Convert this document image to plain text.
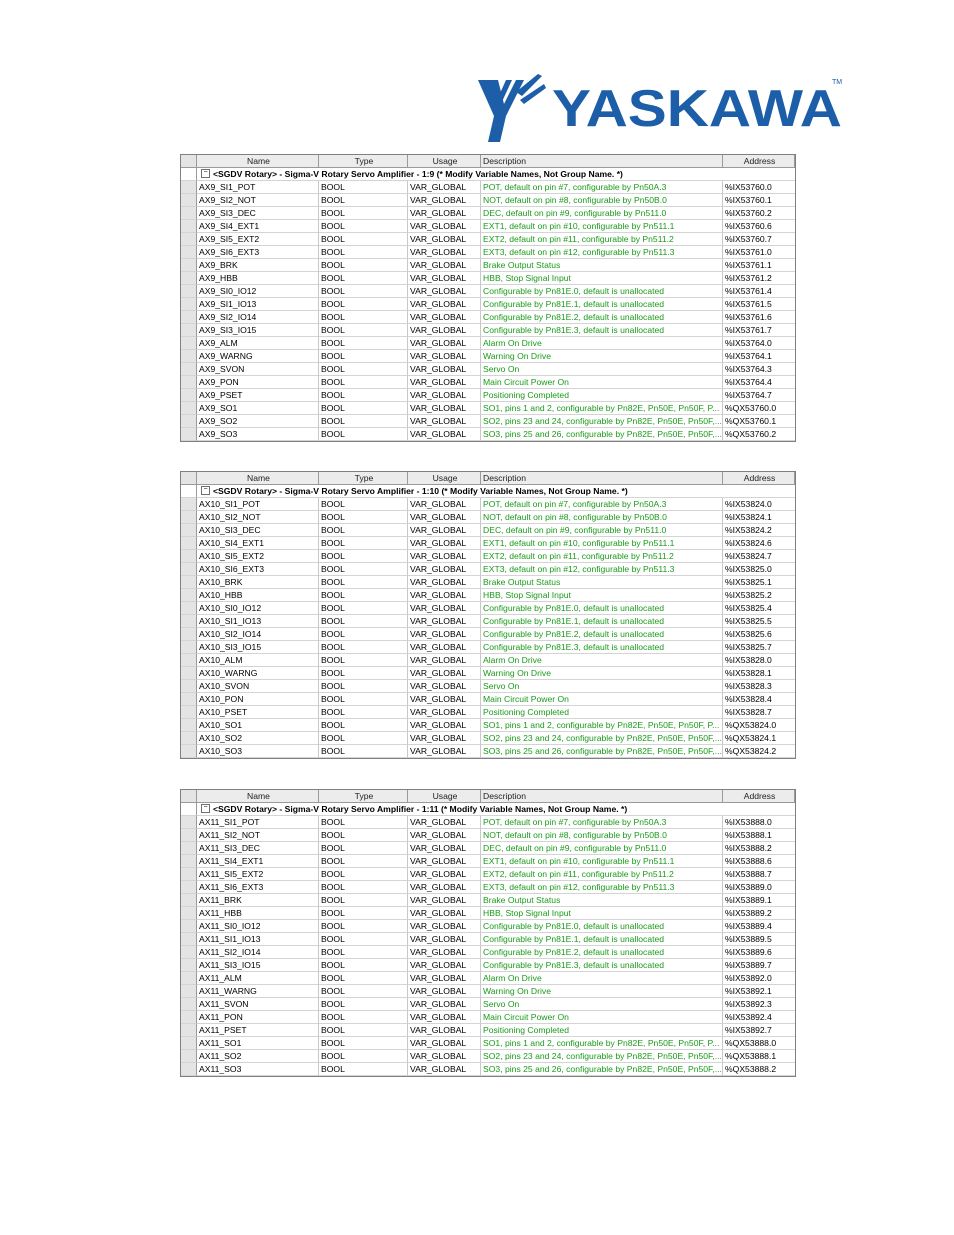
YASKAWA
TM
Name	Type	Usage	Description	Address
− <SGDV Rotary> - Sigma-V Rotary Servo Amplifier - 1:9 (* Modify Variable Names, Not Group Name. *)
AX9_SI1_POT	BOOL	VAR_GLOBAL	POT, default on pin #7, configurable by Pn50A.3	%IX53760.0
AX9_SI2_NOT	BOOL	VAR_GLOBAL	NOT, default on pin #8, configurable by Pn50B.0	%IX53760.1
AX9_SI3_DEC	BOOL	VAR_GLOBAL	DEC, default on pin #9, configurable by Pn511.0	%IX53760.2
AX9_SI4_EXT1	BOOL	VAR_GLOBAL	EXT1, default on pin #10, configurable by Pn511.1	%IX53760.6
AX9_SI5_EXT2	BOOL	VAR_GLOBAL	EXT2, default on pin #11, configurable by Pn511.2	%IX53760.7
AX9_SI6_EXT3	BOOL	VAR_GLOBAL	EXT3, default on pin #12, configurable by Pn511.3	%IX53761.0
AX9_BRK	BOOL	VAR_GLOBAL	Brake Output Status	%IX53761.1
AX9_HBB	BOOL	VAR_GLOBAL	HBB, Stop Signal Input	%IX53761.2
AX9_SI0_IO12	BOOL	VAR_GLOBAL	Configurable by Pn81E.0, default is unallocated	%IX53761.4
AX9_SI1_IO13	BOOL	VAR_GLOBAL	Configurable by Pn81E.1, default is unallocated	%IX53761.5
AX9_SI2_IO14	BOOL	VAR_GLOBAL	Configurable by Pn81E.2, default is unallocated	%IX53761.6
AX9_SI3_IO15	BOOL	VAR_GLOBAL	Configurable by Pn81E.3, default is unallocated	%IX53761.7
AX9_ALM	BOOL	VAR_GLOBAL	Alarm On Drive	%IX53764.0
AX9_WARNG	BOOL	VAR_GLOBAL	Warning On Drive	%IX53764.1
AX9_SVON	BOOL	VAR_GLOBAL	Servo On	%IX53764.3
AX9_PON	BOOL	VAR_GLOBAL	Main Circuit Power On	%IX53764.4
AX9_PSET	BOOL	VAR_GLOBAL	Positioning Completed	%IX53764.7
AX9_SO1	BOOL	VAR_GLOBAL	SO1, pins 1 and 2, configurable by Pn82E, Pn50E, Pn50F, P... %QX53760.0
AX9_SO2	BOOL	VAR_GLOBAL	SO2, pins 23 and 24, configurable by Pn82E, Pn50E, Pn50F,... %QX53760.1
AX9_SO3	BOOL	VAR_GLOBAL	SO3, pins 25 and 26, configurable by Pn82E, Pn50E, Pn50F,... %QX53760.2
Name	Type	Usage	Description	Address
− <SGDV Rotary> - Sigma-V Rotary Servo Amplifier - 1:10 (* Modify Variable Names, Not Group Name. *)
AX10_SI1_POT	BOOL	VAR_GLOBAL	POT, default on pin #7, configurable by Pn50A.3	%IX53824.0
AX10_SI2_NOT	BOOL	VAR_GLOBAL	NOT, default on pin #8, configurable by Pn50B.0	%IX53824.1
AX10_SI3_DEC	BOOL	VAR_GLOBAL	DEC, default on pin #9, configurable by Pn511.0	%IX53824.2
AX10_SI4_EXT1	BOOL	VAR_GLOBAL	EXT1, default on pin #10, configurable by Pn511.1	%IX53824.6
AX10_SI5_EXT2	BOOL	VAR_GLOBAL	EXT2, default on pin #11, configurable by Pn511.2	%IX53824.7
AX10_SI6_EXT3	BOOL	VAR_GLOBAL	EXT3, default on pin #12, configurable by Pn511.3	%IX53825.0
AX10_BRK	BOOL	VAR_GLOBAL	Brake Output Status	%IX53825.1
AX10_HBB	BOOL	VAR_GLOBAL	HBB, Stop Signal Input	%IX53825.2
AX10_SI0_IO12	BOOL	VAR_GLOBAL	Configurable by Pn81E.0, default is unallocated	%IX53825.4
AX10_SI1_IO13	BOOL	VAR_GLOBAL	Configurable by Pn81E.1, default is unallocated	%IX53825.5
AX10_SI2_IO14	BOOL	VAR_GLOBAL	Configurable by Pn81E.2, default is unallocated	%IX53825.6
AX10_SI3_IO15	BOOL	VAR_GLOBAL	Configurable by Pn81E.3, default is unallocated	%IX53825.7
AX10_ALM	BOOL	VAR_GLOBAL	Alarm On Drive	%IX53828.0
AX10_WARNG	BOOL	VAR_GLOBAL	Warning On Drive	%IX53828.1
AX10_SVON	BOOL	VAR_GLOBAL	Servo On	%IX53828.3
AX10_PON	BOOL	VAR_GLOBAL	Main Circuit Power On	%IX53828.4
AX10_PSET	BOOL	VAR_GLOBAL	Positioning Completed	%IX53828.7
AX10_SO1	BOOL	VAR_GLOBAL	SO1, pins 1 and 2, configurable by Pn82E, Pn50E, Pn50F, P... %QX53824.0
AX10_SO2	BOOL	VAR_GLOBAL	SO2, pins 23 and 24, configurable by Pn82E, Pn50E, Pn50F,... %QX53824.1
AX10_SO3	BOOL	VAR_GLOBAL	SO3, pins 25 and 26, configurable by Pn82E, Pn50E, Pn50F,... %QX53824.2
Name	Type	Usage	Description	Address
− <SGDV Rotary> - Sigma-V Rotary Servo Amplifier - 1:11 (* Modify Variable Names, Not Group Name. *)
AX11_SI1_POT	BOOL	VAR_GLOBAL	POT, default on pin #7, configurable by Pn50A.3	%IX53888.0
AX11_SI2_NOT	BOOL	VAR_GLOBAL	NOT, default on pin #8, configurable by Pn50B.0	%IX53888.1
AX11_SI3_DEC	BOOL	VAR_GLOBAL	DEC, default on pin #9, configurable by Pn511.0	%IX53888.2
AX11_SI4_EXT1	BOOL	VAR_GLOBAL	EXT1, default on pin #10, configurable by Pn511.1	%IX53888.6
AX11_SI5_EXT2	BOOL	VAR_GLOBAL	EXT2, default on pin #11, configurable by Pn511.2	%IX53888.7
AX11_SI6_EXT3	BOOL	VAR_GLOBAL	EXT3, default on pin #12, configurable by Pn511.3	%IX53889.0
AX11_BRK	BOOL	VAR_GLOBAL	Brake Output Status	%IX53889.1
AX11_HBB	BOOL	VAR_GLOBAL	HBB, Stop Signal Input	%IX53889.2
AX11_SI0_IO12	BOOL	VAR_GLOBAL	Configurable by Pn81E.0, default is unallocated	%IX53889.4
AX11_SI1_IO13	BOOL	VAR_GLOBAL	Configurable by Pn81E.1, default is unallocated	%IX53889.5
AX11_SI2_IO14	BOOL	VAR_GLOBAL	Configurable by Pn81E.2, default is unallocated	%IX53889.6
AX11_SI3_IO15	BOOL	VAR_GLOBAL	Configurable by Pn81E.3, default is unallocated	%IX53889.7
AX11_ALM	BOOL	VAR_GLOBAL	Alarm On Drive	%IX53892.0
AX11_WARNG	BOOL	VAR_GLOBAL	Warning On Drive	%IX53892.1
AX11_SVON	BOOL	VAR_GLOBAL	Servo On	%IX53892.3
AX11_PON	BOOL	VAR_GLOBAL	Main Circuit Power On	%IX53892.4
AX11_PSET	BOOL	VAR_GLOBAL	Positioning Completed	%IX53892.7
AX11_SO1	BOOL	VAR_GLOBAL	SO1, pins 1 and 2, configurable by Pn82E, Pn50E, Pn50F, P... %QX53888.0
AX11_SO2	BOOL	VAR_GLOBAL	SO2, pins 23 and 24, configurable by Pn82E, Pn50E, Pn50F,... %QX53888.1
AX11_SO3	BOOL	VAR_GLOBAL	SO3, pins 25 and 26, configurable by Pn82E, Pn50E, Pn50F,... %QX53888.2
